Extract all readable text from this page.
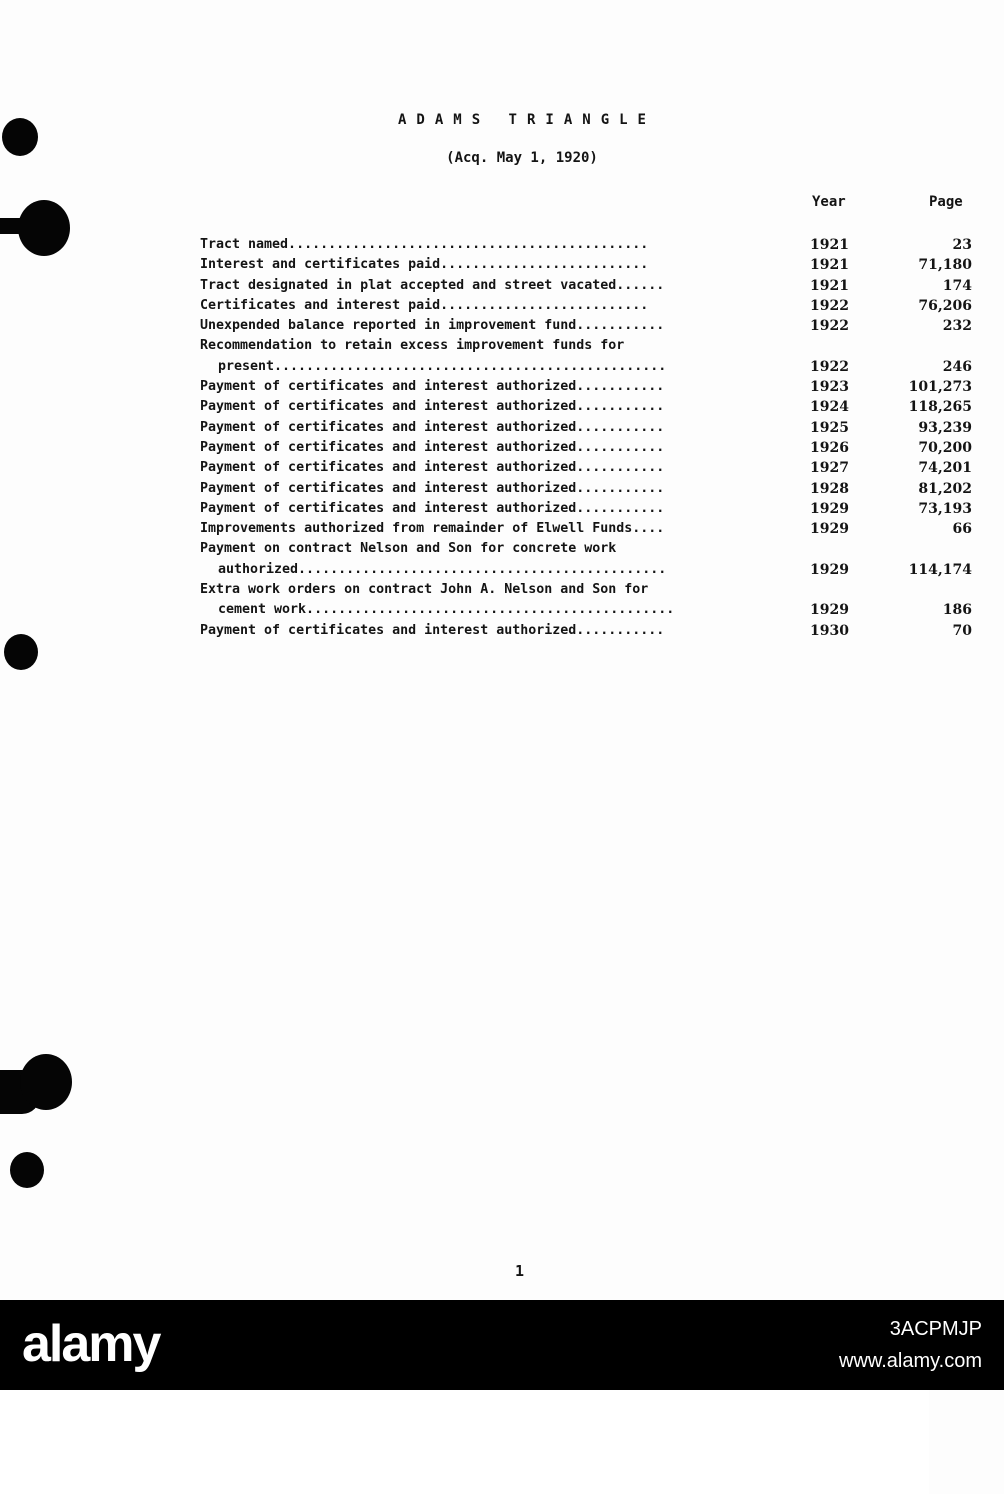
ADAMS TRIANGLE
(Acq. May 1, 1920)
Year	Page
Tract named.............................................	1921	23
Interest and certificates paid..........................	1921	71,180
Tract designated in plat accepted and street vacated......	1921	174
Certificates and interest paid..........................	1922	76,206
Unexpended balance reported in improvement fund...........	1922	232
Recommendation to retain excess improvement funds for
present.................................................	1922	246
Payment of certificates and interest authorized...........	1923	101,273
Payment of certificates and interest authorized...........	1924	118,265
Payment of certificates and interest authorized...........	1925	93,239
Payment of certificates and interest authorized...........	1926	70,200
Payment of certificates and interest authorized...........	1927	74,201
Payment of certificates and interest authorized...........	1928	81,202
Payment of certificates and interest authorized...........	1929	73,193
Improvements authorized from remainder of Elwell Funds....	1929	66
Payment on contract Nelson and Son for concrete work
authorized..............................................	1929	114,174
Extra work orders on contract John A. Nelson and Son for
cement work..............................................	1929	186
Payment of certificates and interest authorized...........	1930	70
1
alamy	3ACPMJP
www.alamy.com
